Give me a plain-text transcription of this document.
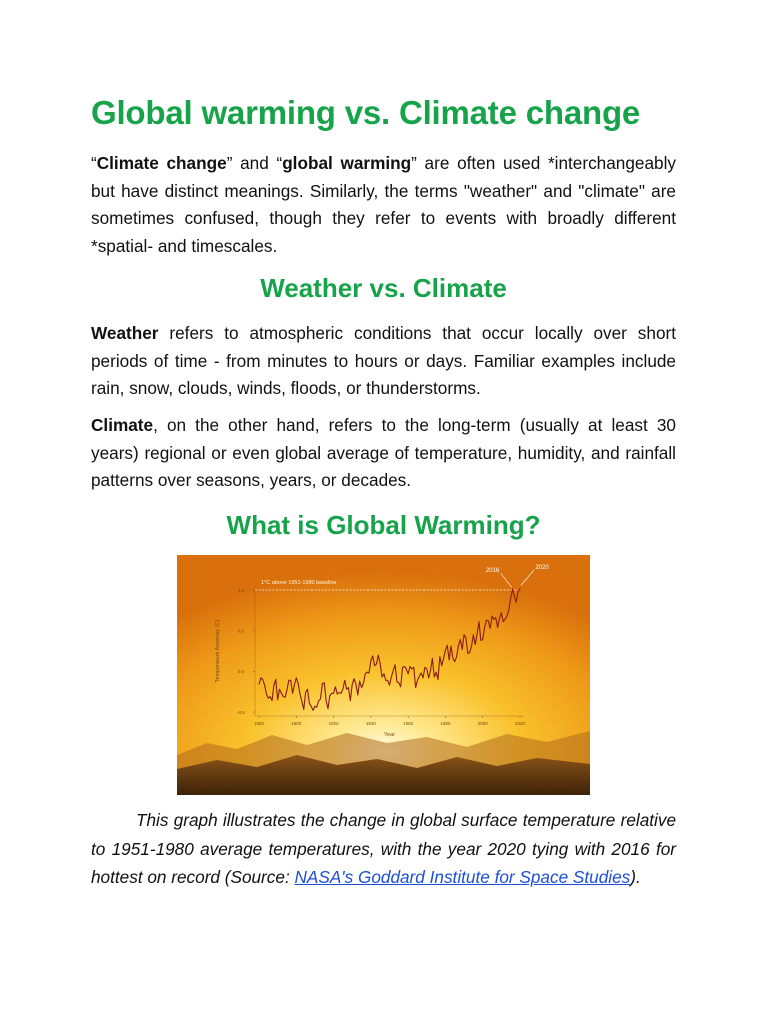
Global warming vs. Climate change

“Climate change” and “global warming” are often used *interchangeably but have distinct meanings. Similarly, the terms "weather" and "climate" are sometimes confused, though they refer to events with broadly different *spatial- and timescales.

Weather vs. Climate

Weather refers to atmospheric conditions that occur locally over short periods of time - from minutes to hours or days. Familiar examples include rain, snow, clouds, winds, floods, or thunderstorms.

Climate, on the other hand, refers to the long-term (usually at least 30 years) regional or even global average of temperature, humidity, and rainfall patterns over seasons, years, or decades.

What is Global Warming?
1.0
0.5
0.0
-0.5
1880	1900	1920	1940	1960	1980	2000	2020
Temperature Anomaly (C)
Year
1°C above 1951-1980 baseline
2016	2020
climate.nasa.gov	Adobe/Shutterstock

This graph illustrates the change in global surface temperature relative to 1951-1980 average temperatures, with the year 2020 tying with 2016 for hottest on record (Source: NASA's Goddard Institute for Space Studies).
